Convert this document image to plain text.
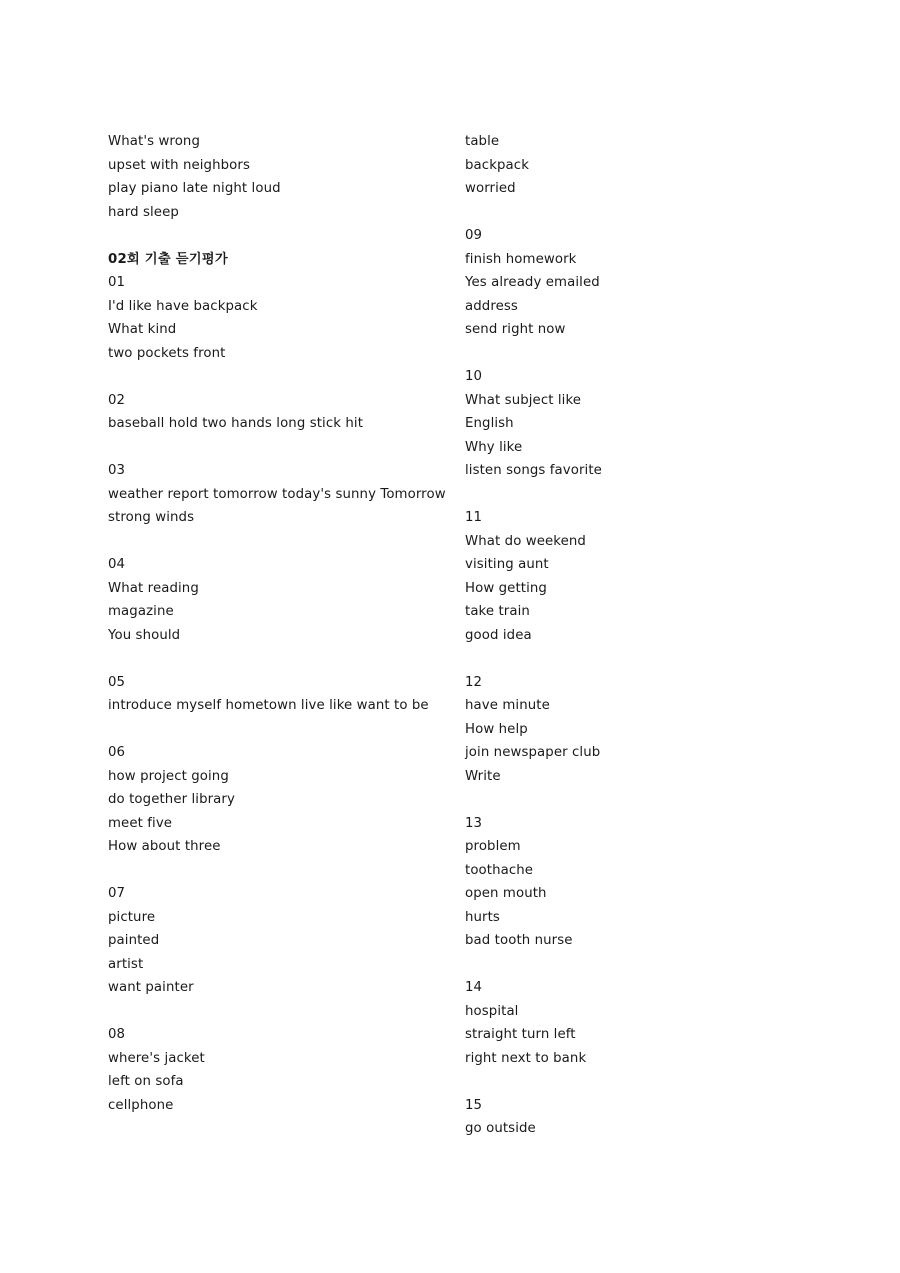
What's wrong
upset with neighbors
play piano late night loud
hard sleep
02회 기출 듣기평가
01
I'd like have backpack
What kind
two pockets front
02
baseball hold two hands long stick hit
03
weather report tomorrow today's sunny Tomorrow
strong winds
04
What reading
magazine
You should
05
introduce myself hometown live like want to be
06
how project going
do together library
meet five
How about three
07
picture
painted
artist
want painter
08
where's jacket
left on sofa
cellphone
table
backpack
worried
09
finish homework
Yes already emailed
address
send right now
10
What subject like
English
Why like
listen songs favorite
11
What do weekend
visiting aunt
How getting
take train
good idea
12
have minute
How help
join newspaper club
Write
13
problem
toothache
open mouth
hurts
bad tooth nurse
14
hospital
straight turn left
right next to bank
15
go outside
